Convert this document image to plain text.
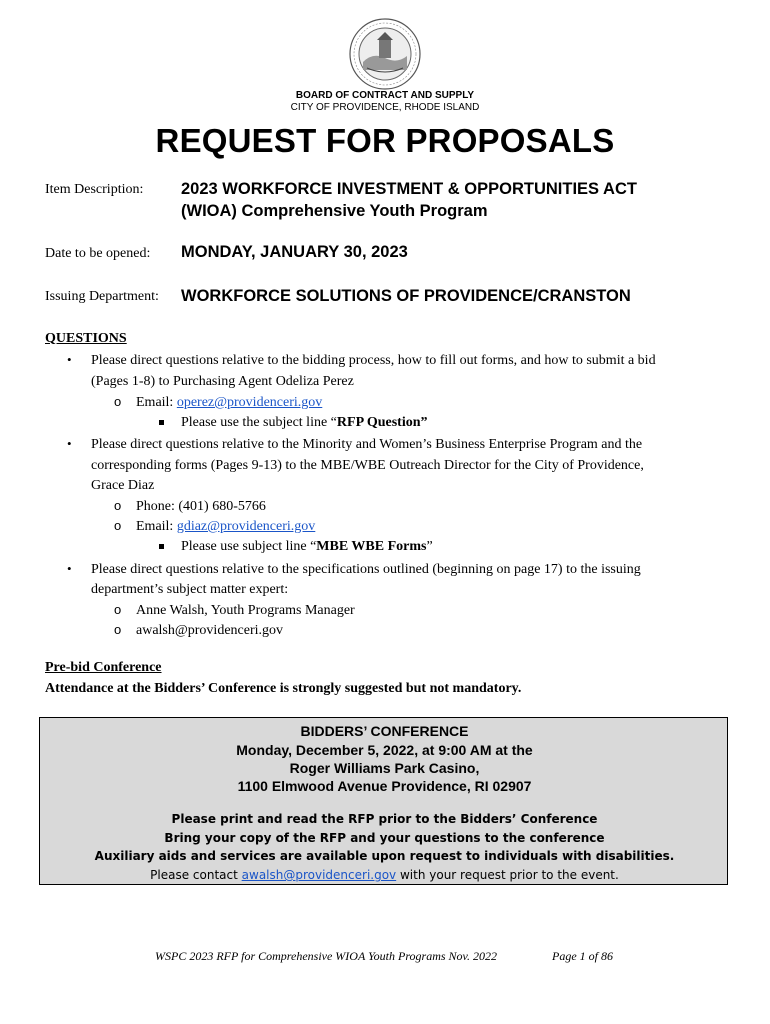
BOARD OF CONTRACT AND SUPPLY
CITY OF PROVIDENCE, RHODE ISLAND
REQUEST FOR PROPOSALS
Item Description: 2023 WORKFORCE INVESTMENT & OPPORTUNITIES ACT
(WIOA) Comprehensive Youth Program
Date to be opened: MONDAY, JANUARY 30, 2023
Issuing Department: WORKFORCE SOLUTIONS OF PROVIDENCE/CRANSTON
QUESTIONS
• Please direct questions relative to the bidding process, how to fill out forms, and how to submit a bid
(Pages 1-8) to Purchasing Agent Odeliza Perez
o Email: operez@providenceri.gov
Please use the subject line “RFP Question”
• Please direct questions relative to the Minority and Women’s Business Enterprise Program and the
corresponding forms (Pages 9-13) to the MBE/WBE Outreach Director for the City of Providence,
Grace Diaz
o Phone: (401) 680-5766
o Email: gdiaz@providenceri.gov
Please use subject line “MBE WBE Forms”
• Please direct questions relative to the specifications outlined (beginning on page 17) to the issuing
department’s subject matter expert:
o Anne Walsh, Youth Programs Manager
o awalsh@providenceri.gov
Pre-bid Conference
Attendance at the Bidders’ Conference is strongly suggested but not mandatory.
BIDDERS’ CONFERENCE
Monday, December 5, 2022, at 9:00 AM at the
Roger Williams Park Casino,
1100 Elmwood Avenue Providence, RI 02907
Please print and read the RFP prior to the Bidders’ Conference
Bring your copy of the RFP and your questions to the conference
Auxiliary aids and services are available upon request to individuals with disabilities.
Please contact awalsh@providenceri.gov with your request prior to the event.
WSPC 2023 RFP for Comprehensive WIOA Youth Programs Nov. 2022	Page 1 of 86
